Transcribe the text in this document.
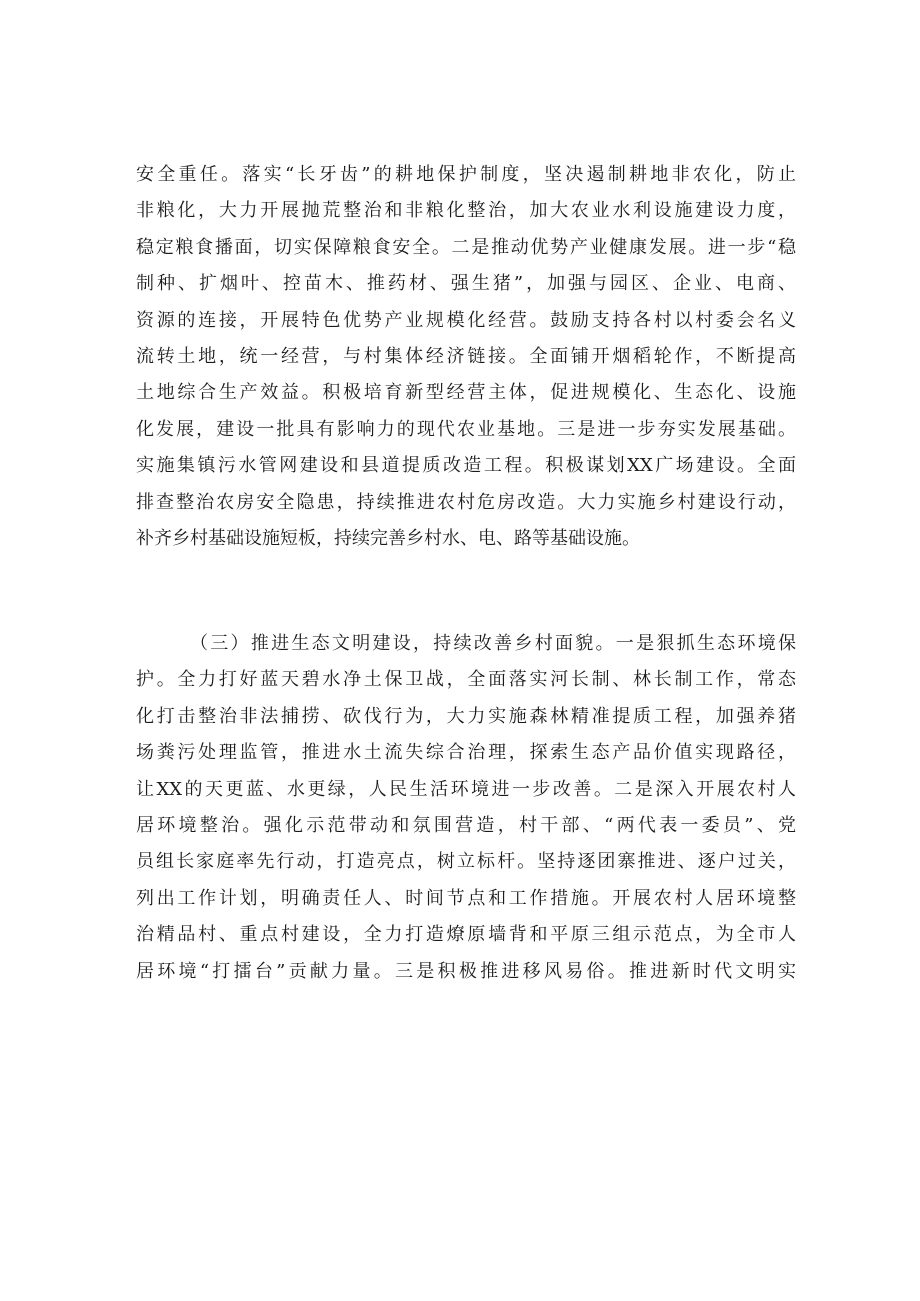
安全重任。落实“长牙齿”的耕地保护制度，坚决遏制耕地非农化，防止
非粮化，大力开展抛荒整治和非粮化整治，加大农业水利设施建设力度，
稳定粮食播面，切实保障粮食安全。二是推动优势产业健康发展。进一步“稳
制种、扩烟叶、控苗木、推药材、强生猪”，加强与园区、企业、电商、
资源的连接，开展特色优势产业规模化经营。鼓励支持各村以村委会名义
流转土地，统一经营，与村集体经济链接。全面铺开烟稻轮作，不断提高
土地综合生产效益。积极培育新型经营主体，促进规模化、生态化、设施
化发展，建设一批具有影响力的现代农业基地。三是进一步夯实发展基础。
实施集镇污水管网建设和县道提质改造工程。积极谋划XX广场建设。全面
排查整治农房安全隐患，持续推进农村危房改造。大力实施乡村建设行动，
补齐乡村基础设施短板，持续完善乡村水、电、路等基础设施。
（三）推进生态文明建设，持续改善乡村面貌。一是狠抓生态环境保
护。全力打好蓝天碧水净土保卫战，全面落实河长制、林长制工作，常态
化打击整治非法捕捞、砍伐行为，大力实施森林精准提质工程，加强养猪
场粪污处理监管，推进水土流失综合治理，探索生态产品价值实现路径，
让XX的天更蓝、水更绿，人民生活环境进一步改善。二是深入开展农村人
居环境整治。强化示范带动和氛围营造，村干部、“两代表一委员”、党
员组长家庭率先行动，打造亮点，树立标杆。坚持逐团寨推进、逐户过关，
列出工作计划，明确责任人、时间节点和工作措施。开展农村人居环境整
治精品村、重点村建设，全力打造燎原墙背和平原三组示范点，为全市人
居环境“打擂台”贡献力量。三是积极推进移风易俗。推进新时代文明实
